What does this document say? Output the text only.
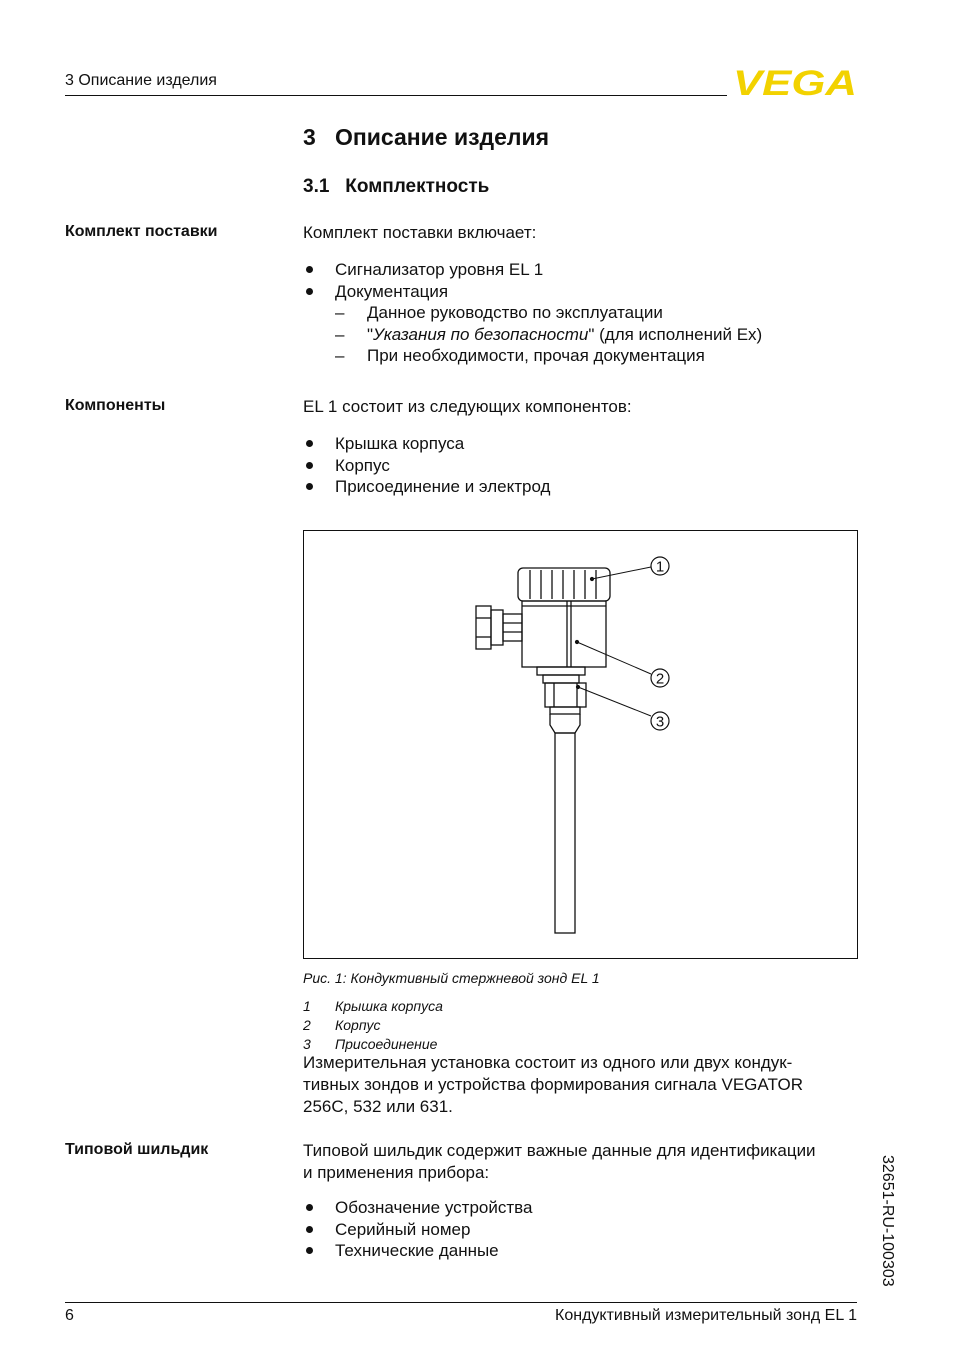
3 Описание изделия	VEGA
3   Описание изделия
3.1   Комплектность
Комплект поставки	Комплект поставки включает:
Сигнализатор уровня EL 1
Документация
– Данное руководство по эксплуатации
– "Указания по безопасности" (для исполнений Ex)
– При необходимости, прочая документация
Компоненты	EL 1 состоит из следующих компонентов:
Крышка корпуса
Корпус
Присоединение и электрод
1
2
3
Рис. 1: Кондуктивный стержневой зонд EL 1
1 Крышка корпуса
2 Корпус
3 Присоединение
Измерительная установка состоит из одного или двух кондук-
тивных зондов и устройства формирования сигнала VEGATOR
256C, 532 или 631.
Типовой шильдик	Типовой шильдик содержит важные данные для идентификации
и применения прибора:
Обозначение устройства
Серийный номер
Технические данные	32651-RU-100303
6	Кондуктивный измерительный зонд EL 1
